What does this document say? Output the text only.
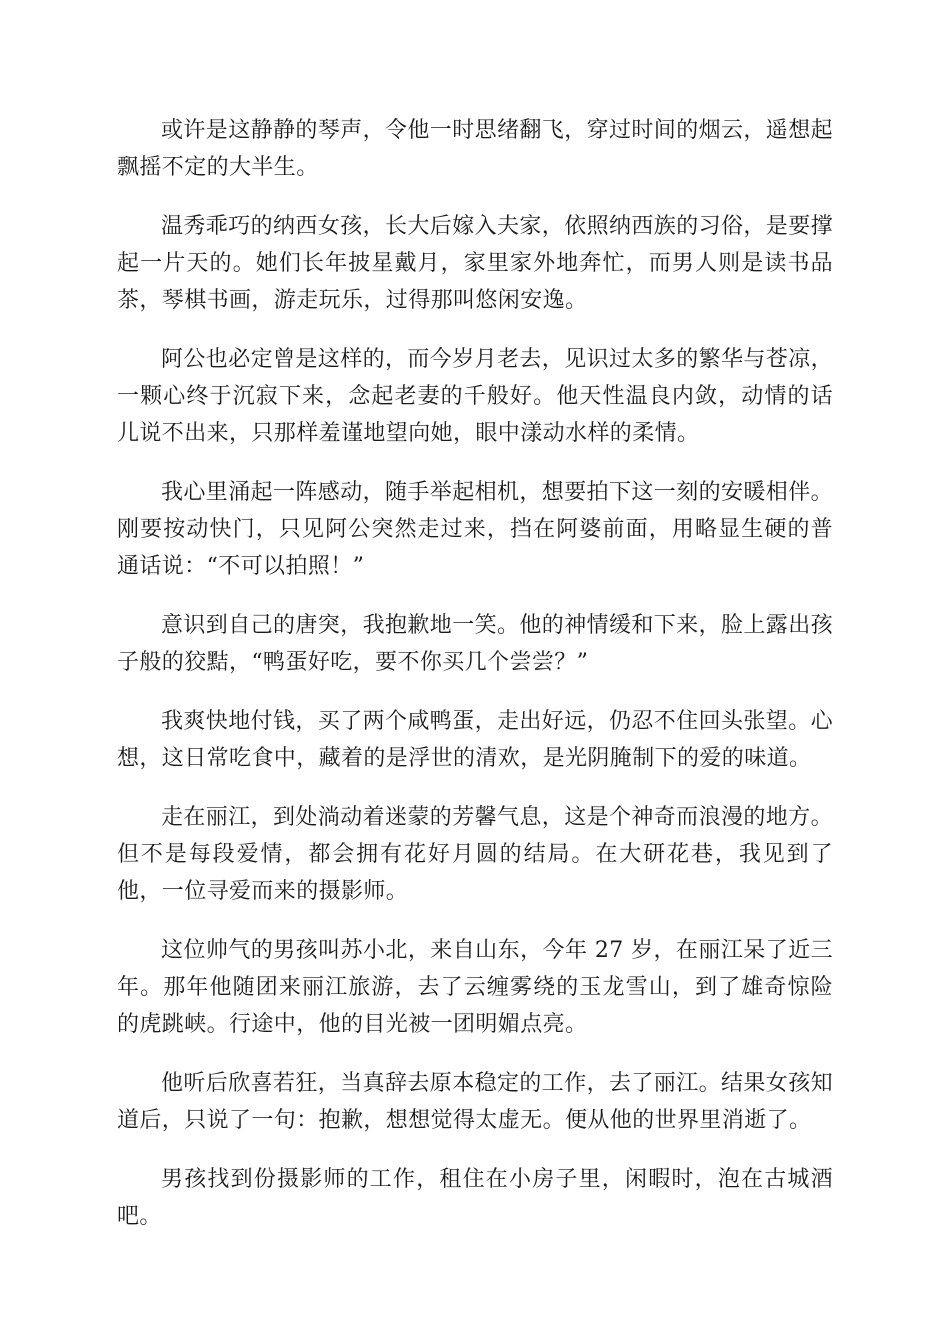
或许是这静静的琴声，令他一时思绪翻飞，穿过时间的烟云，遥想起飘摇不定的大半生。

温秀乖巧的纳西女孩，长大后嫁入夫家，依照纳西族的习俗，是要撑起一片天的。她们长年披星戴月，家里家外地奔忙，而男人则是读书品茶，琴棋书画，游走玩乐，过得那叫悠闲安逸。

阿公也必定曾是这样的，而今岁月老去，见识过太多的繁华与苍凉，一颗心终于沉寂下来，念起老妻的千般好。他天性温良内敛，动情的话儿说不出来，只那样羞谨地望向她，眼中漾动水样的柔情。

我心里涌起一阵感动，随手举起相机，想要拍下这一刻的安暖相伴。刚要按动快门，只见阿公突然走过来，挡在阿婆前面，用略显生硬的普通话说：“不可以拍照！”

意识到自己的唐突，我抱歉地一笑。他的神情缓和下来，脸上露出孩子般的狡黠，“鸭蛋好吃，要不你买几个尝尝？”

我爽快地付钱，买了两个咸鸭蛋，走出好远，仍忍不住回头张望。心想，这日常吃食中，藏着的是浮世的清欢，是光阴腌制下的爱的味道。

走在丽江，到处淌动着迷蒙的芳馨气息，这是个神奇而浪漫的地方。但不是每段爱情，都会拥有花好月圆的结局。在大研花巷，我见到了他，一位寻爱而来的摄影师。

这位帅气的男孩叫苏小北，来自山东，今年 27 岁，在丽江呆了近三年。那年他随团来丽江旅游，去了云缠雾绕的玉龙雪山，到了雄奇惊险的虎跳峡。行途中，他的目光被一团明媚点亮。

他听后欣喜若狂，当真辞去原本稳定的工作，去了丽江。结果女孩知道后，只说了一句：抱歉，想想觉得太虚无。便从他的世界里消逝了。

男孩找到份摄影师的工作，租住在小房子里，闲暇时，泡在古城酒吧。
